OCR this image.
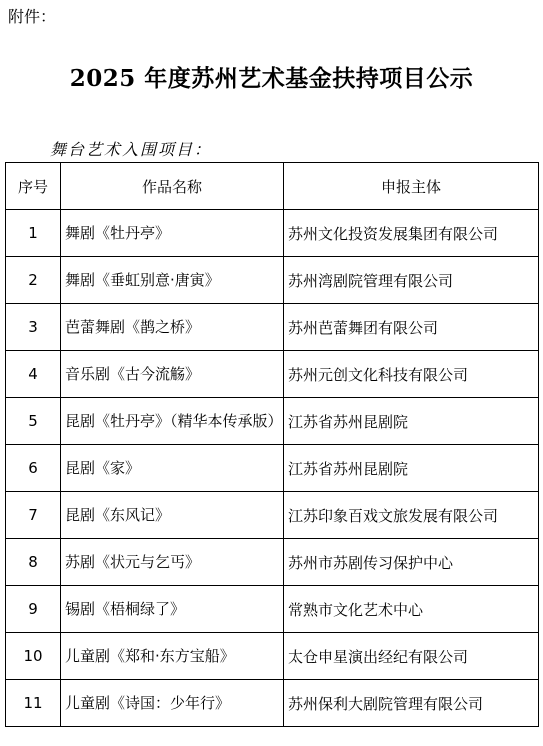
附件：
2025 年度苏州艺术基金扶持项目公示
舞台艺术入围项目：
序号	作品名称	申报主体
1	舞剧《牡丹亭》	苏州文化投资发展集团有限公司
2	舞剧《垂虹别意·唐寅》	苏州湾剧院管理有限公司
3	芭蕾舞剧《鹊之桥》	苏州芭蕾舞团有限公司
4	音乐剧《古今流觞》	苏州元创文化科技有限公司
5	昆剧《牡丹亭》（精华本传承版）	江苏省苏州昆剧院
6	昆剧《家》	江苏省苏州昆剧院
7	昆剧《东风记》	江苏印象百戏文旅发展有限公司
8	苏剧《状元与乞丐》	苏州市苏剧传习保护中心
9	锡剧《梧桐绿了》	常熟市文化艺术中心
10	儿童剧《郑和·东方宝船》	太仓申星演出经纪有限公司
11	儿童剧《诗国：少年行》	苏州保利大剧院管理有限公司
